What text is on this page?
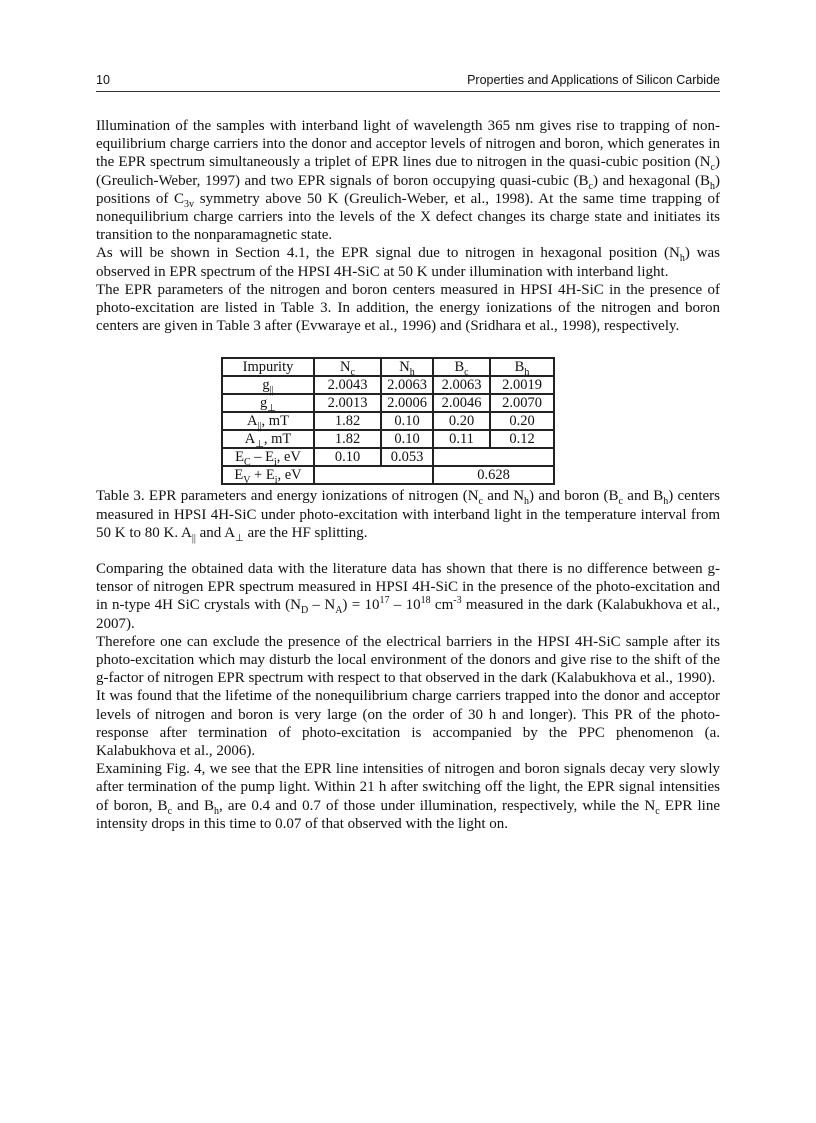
10	Properties and Applications of Silicon Carbide

Illumination of the samples with interband light of wavelength 365 nm gives rise to trapping of non-equilibrium charge carriers into the donor and acceptor levels of nitrogen and boron, which generates in the EPR spectrum simultaneously a triplet of EPR lines due to nitrogen in the quasi-cubic position $(N_c)$ (Greulich-Weber, 1997) and two EPR signals of boron occupying quasi-cubic $(B_c)$ and hexagonal $(B_h)$ positions of $C_{3v}$ symmetry above 50 K (Greulich-Weber, et al., 1998). At the same time trapping of nonequilibrium charge carriers into the levels of the X defect changes its charge state and initiates its transition to the nonparamagnetic state.

As will be shown in Section 4.1, the EPR signal due to nitrogen in hexagonal position $(N_h)$ was observed in EPR spectrum of the HPSI 4H-SiC at 50 K under illumination with interband light.

The EPR parameters of the nitrogen and boron centers measured in HPSI 4H-SiC in the presence of photo-excitation are listed in Table 3. In addition, the energy ionizations of the nitrogen and boron centers are given in Table 3 after (Evwaraye et al., 1996) and (Sridhara et al., 1998), respectively.

Impurity	$N_c$	$N_h$	$B_c$	$B_h$
$g_{||}$	2.0043	2.0063	2.0063	2.0019
$g_\perp$	2.0013	2.0006	2.0046	2.0070
$A_{||}$, mT	1.82	0.10	0.20	0.20
$A_\perp$, mT	1.82	0.10	0.11	0.12
$E_C - E_i$, eV	0.10	0.053		
$E_V + E_i$, eV			0.628	

Table 3. EPR parameters and energy ionizations of nitrogen ($N_c$ and $N_h$) and boron ($B_c$ and $B_h$) centers measured in HPSI 4H-SiC under photo-excitation with interband light in the temperature interval from 50 K to 80 K. $A_{||}$ and $A_\perp$ are the HF splitting.

Comparing the obtained data with the literature data has shown that there is no difference between g-tensor of nitrogen EPR spectrum measured in HPSI 4H-SiC in the presence of the photo-excitation and in n-type 4H SiC crystals with $(N_D - N_A) = 10^{17} - 10^{18}$ $cm^{-3}$ measured in the dark (Kalabukhova et al., 2007).

Therefore one can exclude the presence of the electrical barriers in the HPSI 4H-SiC sample after its photo-excitation which may disturb the local environment of the donors and give rise to the shift of the g-factor of nitrogen EPR spectrum with respect to that observed in the dark (Kalabukhova et al., 1990).

It was found that the lifetime of the nonequilibrium charge carriers trapped into the donor and acceptor levels of nitrogen and boron is very large (on the order of 30 h and longer). This PR of the photo-response after termination of photo-excitation is accompanied by the PPC phenomenon (a. Kalabukhova et al., 2006).

Examining Fig. 4, we see that the EPR line intensities of nitrogen and boron signals decay very slowly after termination of the pump light. Within 21 h after switching off the light, the EPR signal intensities of boron, $B_c$ and $B_h$, are 0.4 and 0.7 of those under illumination, respectively, while the $N_c$ EPR line intensity drops in this time to 0.07 of that observed with the light on.
